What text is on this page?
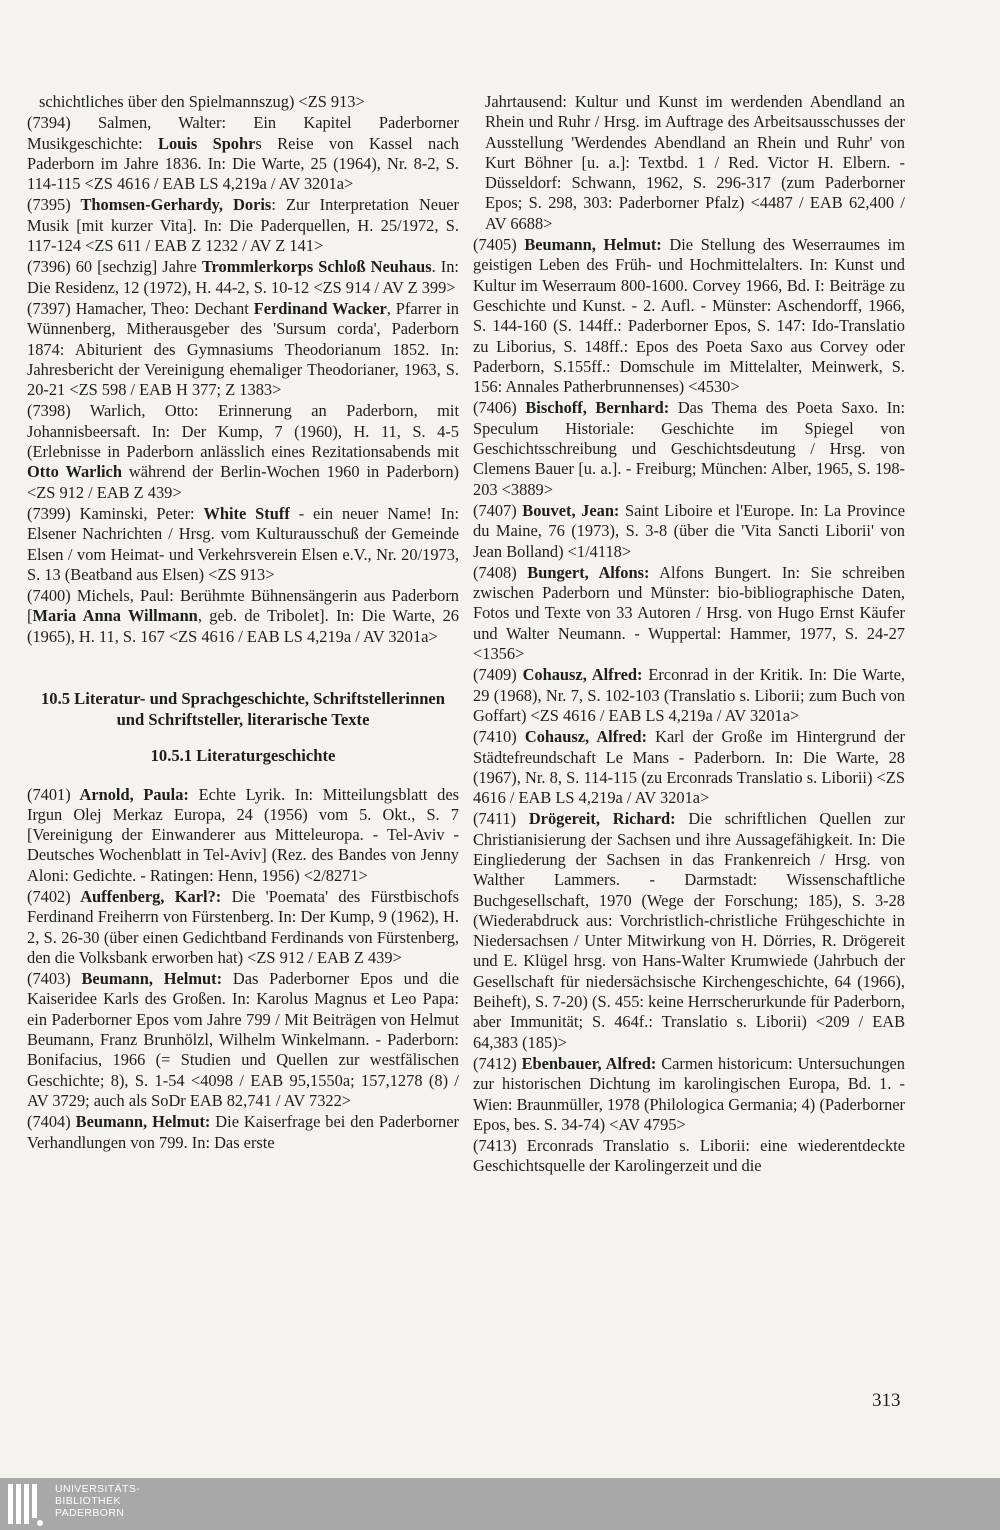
schichtliches über den Spielmannszug) <ZS 913>

(7394) Salmen, Walter: Ein Kapitel Paderborner Musikgeschichte: Louis Spohrs Reise von Kassel nach Paderborn im Jahre 1836. In: Die Warte, 25 (1964), Nr. 8-2, S. 114-115 <ZS 4616 / EAB LS 4,219a / AV 3201a>

(7395) Thomsen-Gerhardy, Doris: Zur Interpretation Neuer Musik [mit kurzer Vita]. In: Die Paderquellen, H. 25/1972, S. 117-124 <ZS 611 / EAB Z 1232 / AV Z 141>

(7396) 60 [sechzig] Jahre Trommlerkorps Schloß Neuhaus. In: Die Residenz, 12 (1972), H. 44-2, S. 10-12 <ZS 914 / AV Z 399>

(7397) Hamacher, Theo: Dechant Ferdinand Wacker, Pfarrer in Wünnenberg, Mitherausgeber des 'Sursum corda', Paderborn 1874: Abiturient des Gymnasiums Theodorianum 1852. In: Jahresbericht der Vereinigung ehemaliger Theodorianer, 1963, S. 20-21 <ZS 598 / EAB H 377; Z 1383>

(7398) Warlich, Otto: Erinnerung an Paderborn, mit Johannisbeersaft. In: Der Kump, 7 (1960), H. 11, S. 4-5 (Erlebnisse in Paderborn anlässlich eines Rezitationsabends mit Otto Warlich während der Berlin-Wochen 1960 in Paderborn) <ZS 912 / EAB Z 439>

(7399) Kaminski, Peter: White Stuff - ein neuer Name! In: Elsener Nachrichten / Hrsg. vom Kulturausschuß der Gemeinde Elsen / vom Heimat- und Verkehrsverein Elsen e.V., Nr. 20/1973, S. 13 (Beatband aus Elsen) <ZS 913>

(7400) Michels, Paul: Berühmte Bühnensängerin aus Paderborn [Maria Anna Willmann, geb. de Tribolet]. In: Die Warte, 26 (1965), H. 11, S. 167 <ZS 4616 / EAB LS 4,219a / AV 3201a>

10.5 Literatur- und Sprachgeschichte, Schriftstellerinnen und Schriftsteller, literarische Texte
10.5.1 Literaturgeschichte

(7401) Arnold, Paula: Echte Lyrik. In: Mitteilungsblatt des Irgun Olej Merkaz Europa, 24 (1956) vom 5. Okt., S. 7 [Vereinigung der Einwanderer aus Mitteleuropa. - Tel-Aviv - Deutsches Wochenblatt in Tel-Aviv] (Rez. des Bandes von Jenny Aloni: Gedichte. - Ratingen: Henn, 1956) <2/8271>

(7402) Auffenberg, Karl?: Die 'Poemata' des Fürstbischofs Ferdinand Freiherrn von Fürstenberg. In: Der Kump, 9 (1962), H. 2, S. 26-30 (über einen Gedichtband Ferdinands von Fürstenberg, den die Volksbank erworben hat) <ZS 912 / EAB Z 439>

(7403) Beumann, Helmut: Das Paderborner Epos und die Kaiseridee Karls des Großen. In: Karolus Magnus et Leo Papa: ein Paderborner Epos vom Jahre 799 / Mit Beiträgen von Helmut Beumann, Franz Brunhölzl, Wilhelm Winkelmann. - Paderborn: Bonifacius, 1966 (= Studien und Quellen zur westfälischen Geschichte; 8), S. 1-54 <4098 / EAB 95,1550a; 157,1278 (8) / AV 3729; auch als SoDr EAB 82,741 / AV 7322>

(7404) Beumann, Helmut: Die Kaiserfrage bei den Paderborner Verhandlungen von 799. In: Das erste

Jahrtausend: Kultur und Kunst im werdenden Abendland an Rhein und Ruhr / Hrsg. im Auftrage des Arbeitsausschusses der Ausstellung 'Werdendes Abendland an Rhein und Ruhr' von Kurt Böhner [u. a.]: Textbd. 1 / Red. Victor H. Elbern. - Düsseldorf: Schwann, 1962, S. 296-317 (zum Paderborner Epos; S. 298, 303: Paderborner Pfalz) <4487 / EAB 62,400 / AV 6688>

(7405) Beumann, Helmut: Die Stellung des Weserraumes im geistigen Leben des Früh- und Hochmittelalters. In: Kunst und Kultur im Weserraum 800-1600. Corvey 1966, Bd. I: Beiträge zu Geschichte und Kunst. - 2. Aufl. - Münster: Aschendorff, 1966, S. 144-160 (S. 144ff.: Paderborner Epos, S. 147: Ido-Translatio zu Liborius, S. 148ff.: Epos des Poeta Saxo aus Corvey oder Paderborn, S.155ff.: Domschule im Mittelalter, Meinwerk, S. 156: Annales Patherbrunnenses) <4530>

(7406) Bischoff, Bernhard: Das Thema des Poeta Saxo. In: Speculum Historiale: Geschichte im Spiegel von Geschichtsschreibung und Geschichtsdeutung / Hrsg. von Clemens Bauer [u. a.]. - Freiburg; München: Alber, 1965, S. 198-203 <3889>

(7407) Bouvet, Jean: Saint Liboire et l'Europe. In: La Province du Maine, 76 (1973), S. 3-8 (über die 'Vita Sancti Liborii' von Jean Bolland) <1/4118>

(7408) Bungert, Alfons: Alfons Bungert. In: Sie schreiben zwischen Paderborn und Münster: bio-bibliographische Daten, Fotos und Texte von 33 Autoren / Hrsg. von Hugo Ernst Käufer und Walter Neumann. - Wuppertal: Hammer, 1977, S. 24-27 <1356>

(7409) Cohausz, Alfred: Erconrad in der Kritik. In: Die Warte, 29 (1968), Nr. 7, S. 102-103 (Translatio s. Liborii; zum Buch von Goffart) <ZS 4616 / EAB LS 4,219a / AV 3201a>

(7410) Cohausz, Alfred: Karl der Große im Hintergrund der Städtefreundschaft Le Mans - Paderborn. In: Die Warte, 28 (1967), Nr. 8, S. 114-115 (zu Erconrads Translatio s. Liborii) <ZS 4616 / EAB LS 4,219a / AV 3201a>

(7411) Drögereit, Richard: Die schriftlichen Quellen zur Christianisierung der Sachsen und ihre Aussagefähigkeit. In: Die Eingliederung der Sachsen in das Frankenreich / Hrsg. von Walther Lammers. - Darmstadt: Wissenschaftliche Buchgesellschaft, 1970 (Wege der Forschung; 185), S. 3-28 (Wiederabdruck aus: Vorchristlich-christliche Frühgeschichte in Niedersachsen / Unter Mitwirkung von H. Dörries, R. Drögereit und E. Klügel hrsg. von Hans-Walter Krumwiede (Jahrbuch der Gesellschaft für niedersächsische Kirchengeschichte, 64 (1966), Beiheft), S. 7-20) (S. 455: keine Herrscherurkunde für Paderborn, aber Immunität; S. 464f.: Translatio s. Liborii) <209 / EAB 64,383 (185)>

(7412) Ebenbauer, Alfred: Carmen historicum: Untersuchungen zur historischen Dichtung im karolingischen Europa, Bd. 1. - Wien: Braunmüller, 1978 (Philologica Germania; 4) (Paderborner Epos, bes. S. 34-74) <AV 4795>

(7413) Erconrads Translatio s. Liborii: eine wiederentdeckte Geschichtsquelle der Karolingerzeit und die

313
UNIVERSITÄTS-
BIBLIOTHEK
PADERBORN
